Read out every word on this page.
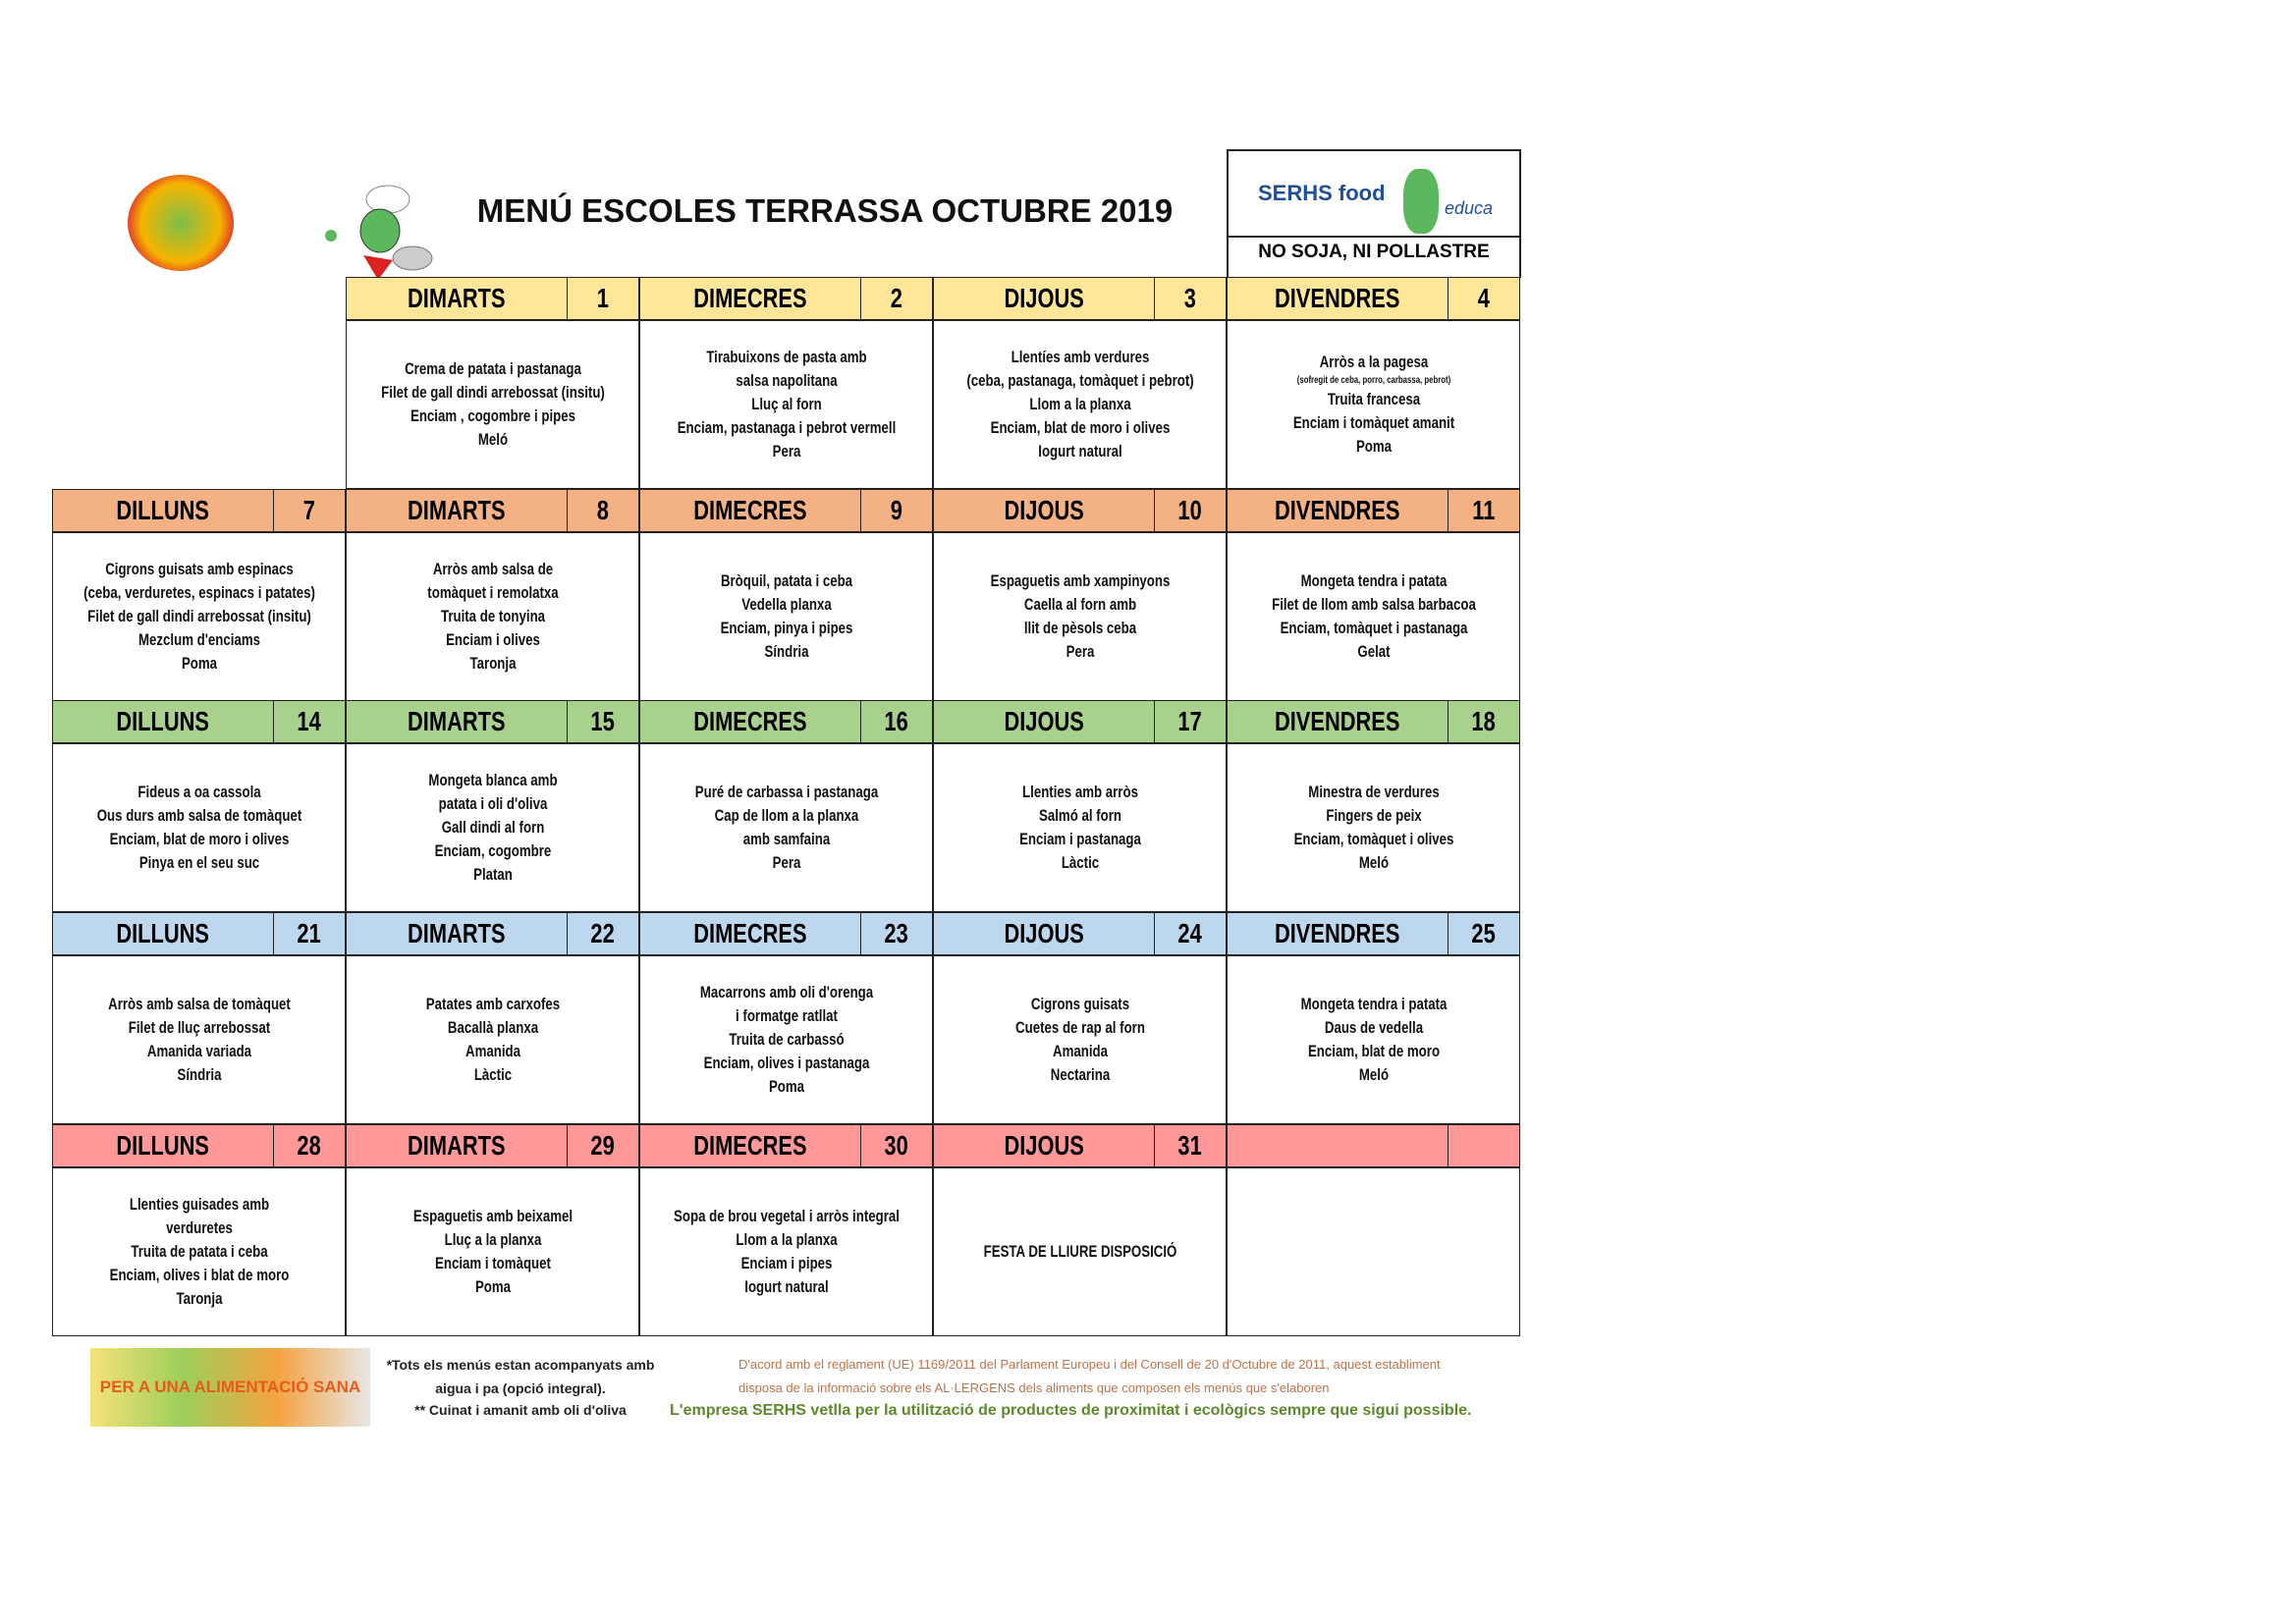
MENÚ ESCOLES TERRASSA OCTUBRE 2019	SERHS food
educa
NO SOJA, NI POLLASTRE
DIMARTS	1
Crema de patata i pastanaga
Filet de gall dindi arrebossat (insitu)
Enciam , cogombre i pipes
Meló
DIMECRES	2
Tirabuixons de pasta amb
salsa napolitana
Lluç al forn
Enciam, pastanaga i pebrot vermell
Pera
DIJOUS	3
Llentíes amb verdures
(ceba, pastanaga, tomàquet i pebrot)
Llom a la planxa
Enciam, blat de moro i olives
Iogurt natural
DIVENDRES	4
Arròs a la pagesa
(sofregit de ceba, porro, carbassa, pebrot)
Truita francesa
Enciam i tomàquet amanit
Poma
DILLUNS	7
Cigrons guisats amb espinacs
(ceba, verduretes, espinacs i patates)
Filet de gall dindi arrebossat (insitu)
Mezclum d'enciams
Poma
DIMARTS	8
Arròs amb salsa de
tomàquet i remolatxa
Truita de tonyina
Enciam i olives
Taronja
DIMECRES	9
Bròquil, patata i ceba
Vedella planxa
Enciam, pinya i pipes
Síndria
DIJOUS	10
Espaguetis amb xampinyons
Caella al forn amb
llit de pèsols ceba
Pera
DIVENDRES	11
Mongeta tendra i patata
Filet de llom amb salsa barbacoa
Enciam, tomàquet i pastanaga
Gelat
DILLUNS	14
Fideus a oa cassola
Ous durs amb salsa de tomàquet
Enciam, blat de moro i olives
Pinya en el seu suc
DIMARTS	15
Mongeta blanca amb
patata i oli d'oliva
Gall dindi al forn
Enciam, cogombre
Platan
DIMECRES	16
Puré de carbassa i pastanaga
Cap de llom a la planxa
amb samfaina
Pera
DIJOUS	17
Llenties amb arròs
Salmó al forn
Enciam i pastanaga
Làctic
DIVENDRES	18
Minestra de verdures
Fingers de peix
Enciam, tomàquet i olives
Meló
DILLUNS	21
Arròs amb salsa de tomàquet
Filet de lluç arrebossat
Amanida variada
Síndria
DIMARTS	22
Patates amb carxofes
Bacallà planxa
Amanida
Làctic
DIMECRES	23
Macarrons amb oli d'orenga
i formatge ratllat
Truita de carbassó
Enciam, olives i pastanaga
Poma
DIJOUS	24
Cigrons guisats
Cuetes de rap al forn
Amanida
Nectarina
DIVENDRES	25
Mongeta tendra i patata
Daus de vedella
Enciam, blat de moro
Meló
DILLUNS	28
Llenties guisades amb
verduretes
Truita de patata i ceba
Enciam, olives i blat de moro
Taronja
DIMARTS	29
Espaguetis amb beixamel
Lluç a la planxa
Enciam i tomàquet
Poma
DIMECRES	30
Sopa de brou vegetal i arròs integral
Llom a la planxa
Enciam i pipes
Iogurt natural
DIJOUS	31
FESTA DE LLIURE DISPOSICIÓ
PER A UNA ALIMENTACIÓ SANA
*Tots els menús estan acompanyats amb aigua i pa (opció integral).
** Cuinat i amanit amb oli d'oliva
D'acord amb el reglament (UE) 1169/2011 del Parlament Europeu i del Consell de 20 d'Octubre de 2011, aquest establiment disposa de la informació sobre els AL·LERGENS dels aliments que composen els menús que s'elaboren
L'empresa SERHS vetlla per la utilització de productes de proximitat i ecològics sempre que sigui possible.
